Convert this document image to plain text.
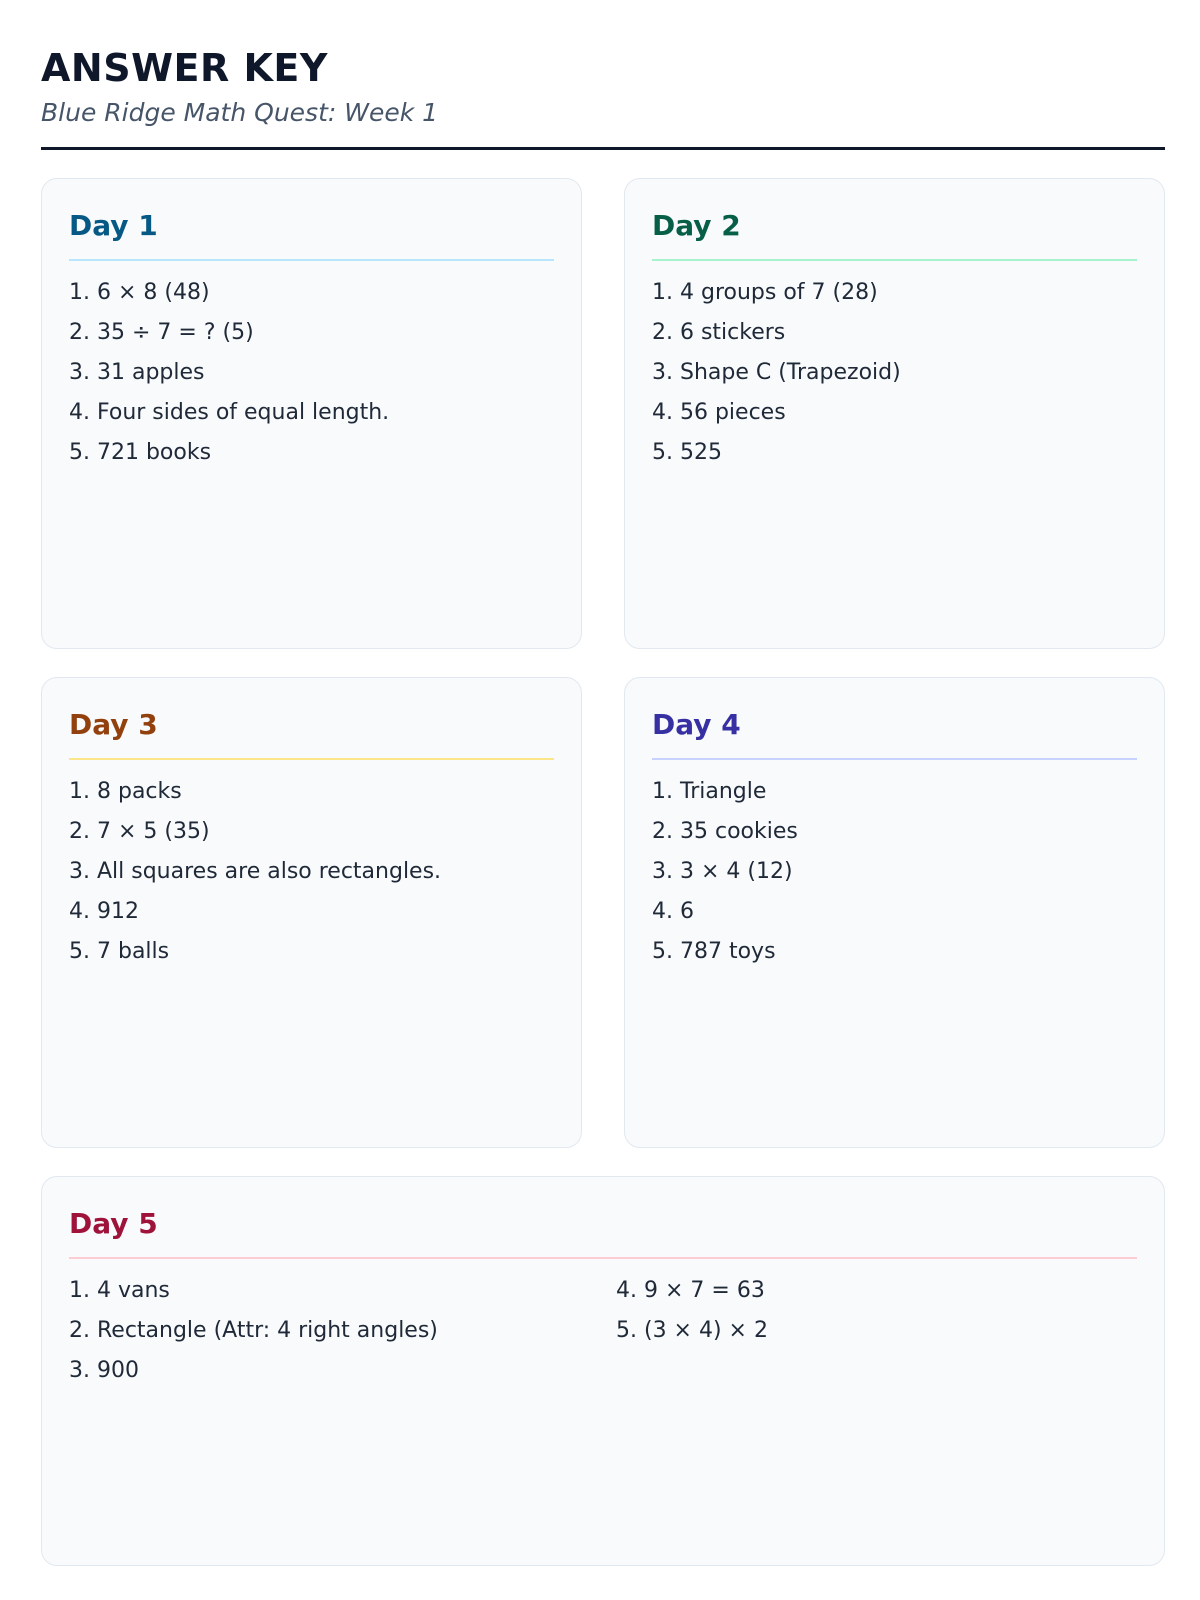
ANSWER KEY
Blue Ridge Math Quest: Week 1
Day 1
1. 6 × 8 (48)
2. 35 ÷ 7 = ? (5)
3. 31 apples
4. Four sides of equal length.
5. 721 books
Day 2
1. 4 groups of 7 (28)
2. 6 stickers
3. Shape C (Trapezoid)
4. 56 pieces
5. 525
Day 3
1. 8 packs
2. 7 × 5 (35)
3. All squares are also rectangles.
4. 912
5. 7 balls
Day 4
1. Triangle
2. 35 cookies
3. 3 × 4 (12)
4. 6
5. 787 toys
Day 5
1. 4 vans
2. Rectangle (Attr: 4 right angles)
3. 900
4. 9 × 7 = 63
5. (3 × 4) × 2
